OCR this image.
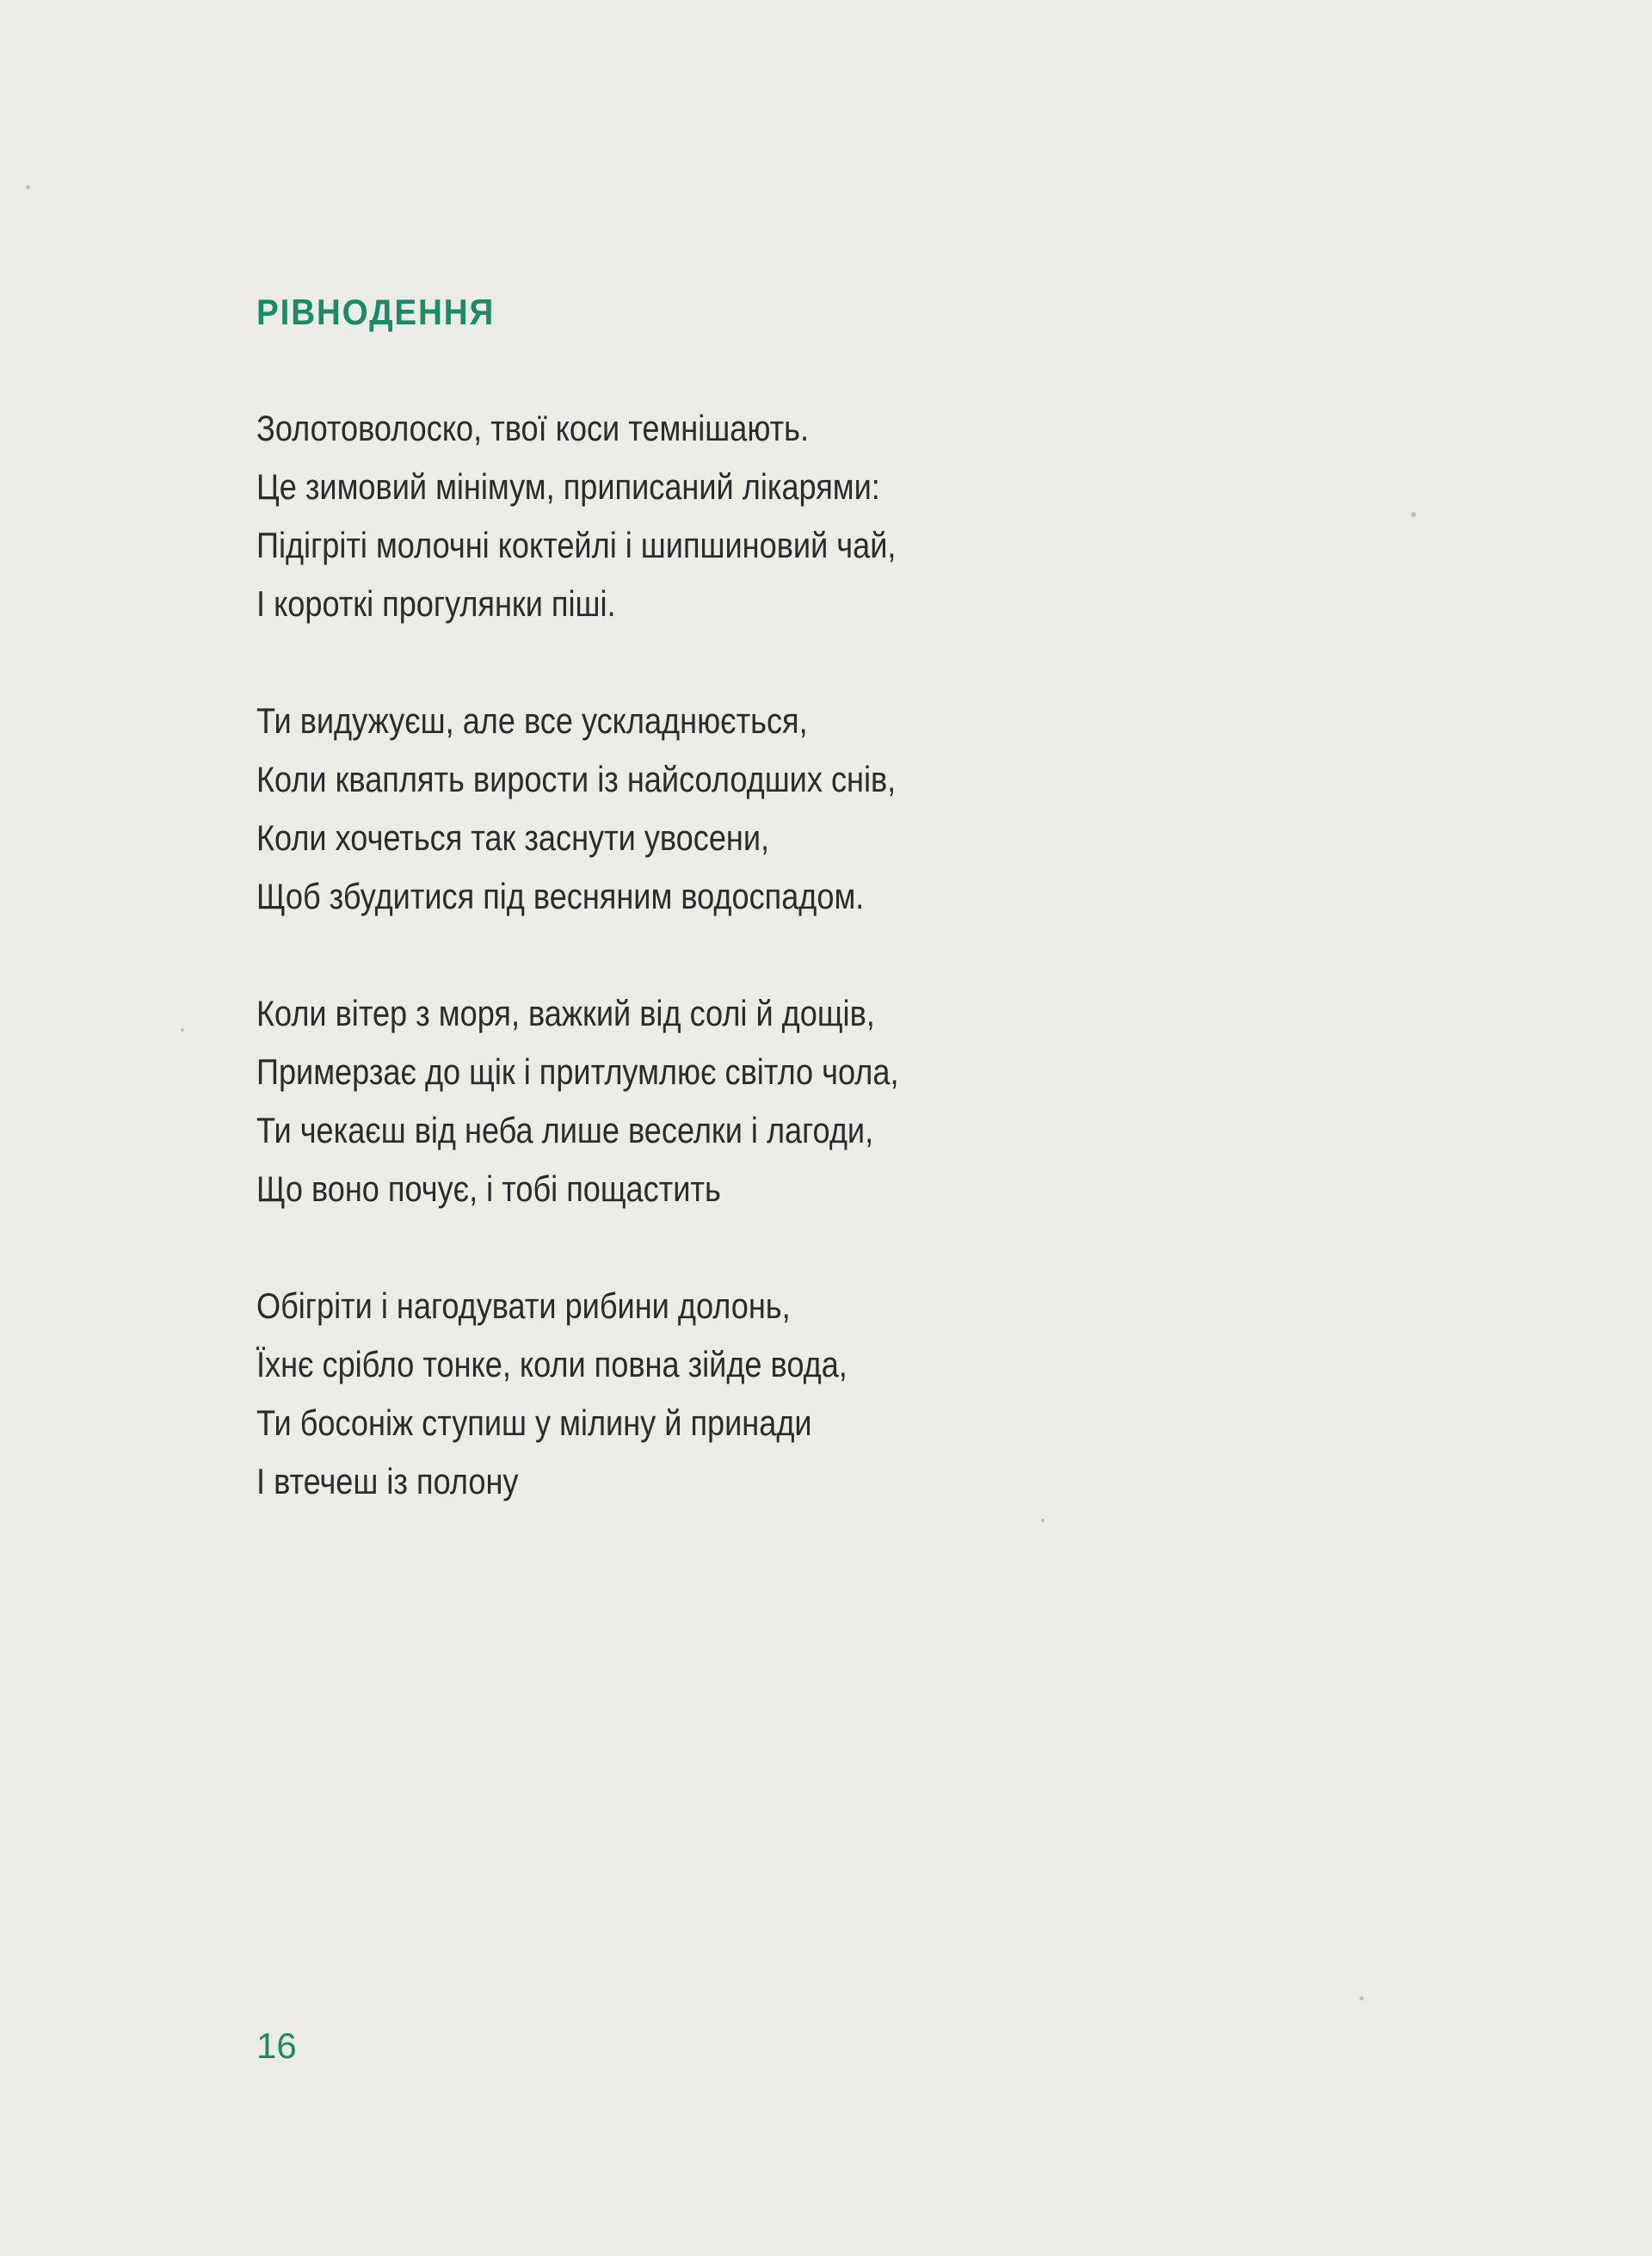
РІВНОДЕННЯ
Золотоволоско, твої коси темнішають.
Це зимовий мінімум, приписаний лікарями:
Підігріті молочні коктейлі і шипшиновий чай,
І короткі прогулянки піші.
Ти видужуєш, але все ускладнюється,
Коли кваплять вирости із найсолодших снів,
Коли хочеться так заснути увосени,
Щоб збудитися під весняним водоспадом.
Коли вітер з моря, важкий від солі й дощів,
Примерзає до щік і притлумлює світло чола,
Ти чекаєш від неба лише веселки і лагоди,
Що воно почує, і тобі пощастить
Обігріти і нагодувати рибини долонь,
Їхнє срібло тонке, коли повна зійде вода,
Ти босоніж ступиш у мілину й принади
І втечеш із полону
16
